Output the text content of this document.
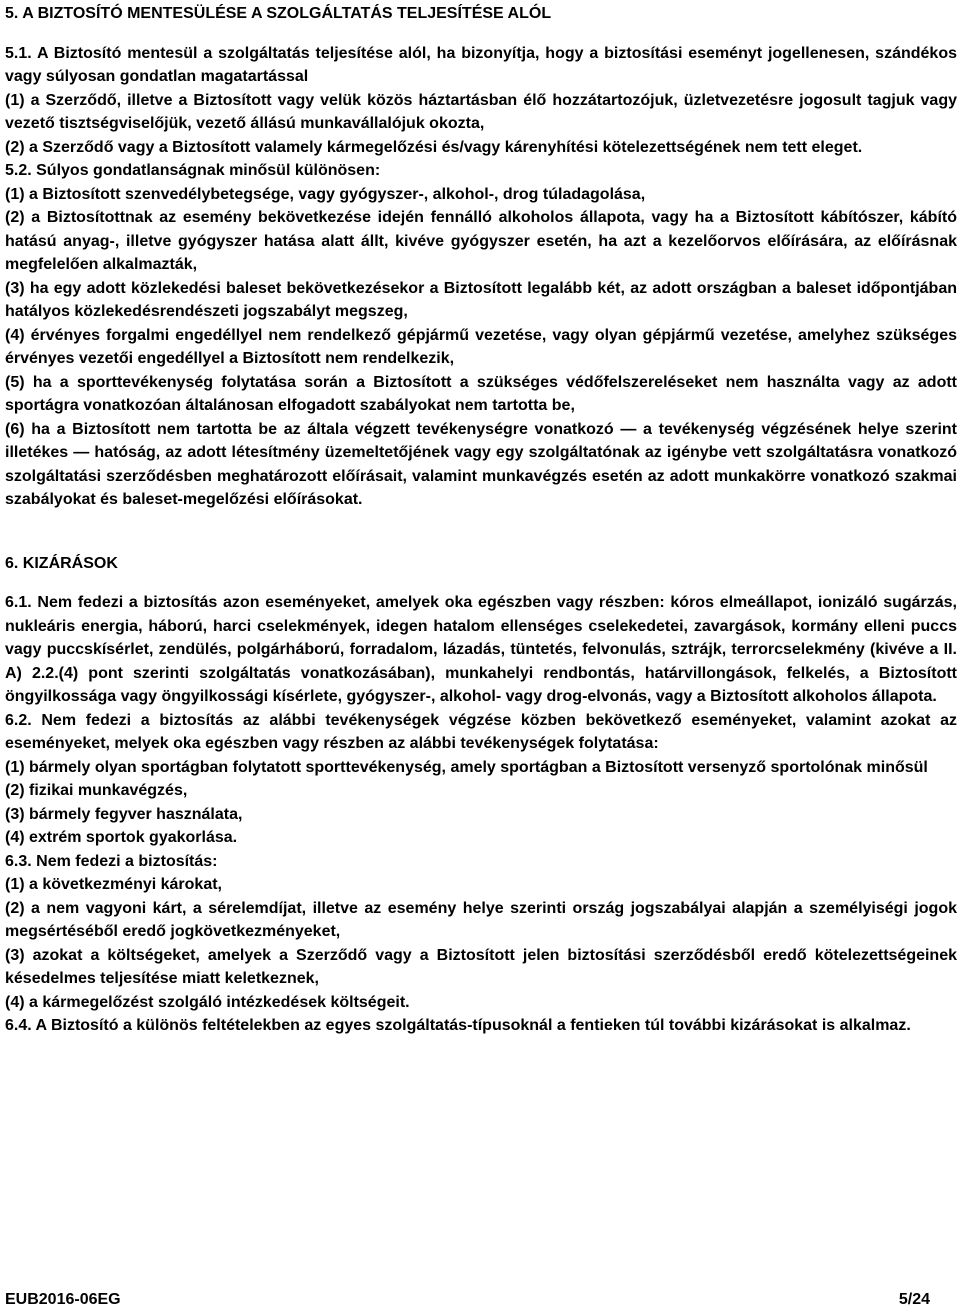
5. A BIZTOSÍTÓ MENTESÜLÉSE A SZOLGÁLTATÁS TELJESÍTÉSE ALÓL

5.1. A Biztosító mentesül a szolgáltatás teljesítése alól, ha bizonyítja, hogy a biztosítási eseményt jogellenesen, szándékos vagy súlyosan gondatlan magatartással

(1) a Szerződő, illetve a Biztosított vagy velük közös háztartásban élő hozzátartozójuk, üzletvezetésre jogosult tagjuk vagy vezető tisztségviselőjük, vezető állású munkavállalójuk okozta,

(2) a Szerződő vagy a Biztosított valamely kármegelőzési és/vagy kárenyhítési kötelezettségének nem tett eleget.

5.2. Súlyos gondatlanságnak minősül különösen:

(1) a Biztosított szenvedélybetegsége, vagy gyógyszer-, alkohol-, drog túladagolása,

(2) a Biztosítottnak az esemény bekövetkezése idején fennálló alkoholos állapota, vagy ha a Biztosított kábítószer, kábító hatású anyag-, illetve gyógyszer hatása alatt állt, kivéve gyógyszer esetén, ha azt a kezelőorvos előírására, az előírásnak megfelelően alkalmazták,

(3) ha egy adott közlekedési baleset bekövetkezésekor a Biztosított legalább két, az adott országban a baleset időpontjában hatályos közlekedésrendészeti jogszabályt megszeg,

(4) érvényes forgalmi engedéllyel nem rendelkező gépjármű vezetése, vagy olyan gépjármű vezetése, amelyhez szükséges érvényes vezetői engedéllyel a Biztosított nem rendelkezik,

(5) ha a sporttevékenység folytatása során a Biztosított a szükséges védőfelszereléseket nem használta vagy az adott sportágra vonatkozóan általánosan elfogadott szabályokat nem tartotta be,

(6) ha a Biztosított nem tartotta be az általa végzett tevékenységre vonatkozó — a tevékenység végzésének helye szerint illetékes — hatóság, az adott létesítmény üzemeltetőjének vagy egy szolgáltatónak az igénybe vett szolgáltatásra vonatkozó szolgáltatási szerződésben meghatározott előírásait, valamint munkavégzés esetén az adott munkakörre vonatkozó szakmai szabályokat és baleset-megelőzési előírásokat.

6. KIZÁRÁSOK

6.1. Nem fedezi a biztosítás azon eseményeket, amelyek oka egészben vagy részben: kóros elmeállapot, ionizáló sugárzás, nukleáris energia, háború, harci cselekmények, idegen hatalom ellenséges cselekedetei, zavargások, kormány elleni puccs vagy puccskísérlet, zendülés, polgárháború, forradalom, lázadás, tüntetés, felvonulás, sztrájk, terrorcselekmény (kivéve a II. A) 2.2.(4) pont szerinti szolgáltatás vonatkozásában), munkahelyi rendbontás, határvillongások, felkelés, a Biztosított öngyilkossága vagy öngyilkossági kísérlete, gyógyszer-, alkohol- vagy drog-elvonás, vagy a Biztosított alkoholos állapota.

6.2. Nem fedezi a biztosítás az alábbi tevékenységek végzése közben bekövetkező eseményeket, valamint azokat az eseményeket, melyek oka egészben vagy részben az alábbi tevékenységek folytatása:

(1) bármely olyan sportágban folytatott sporttevékenység, amely sportágban a Biztosított versenyző sportolónak minősül

(2) fizikai munkavégzés,

(3) bármely fegyver használata,

(4) extrém sportok gyakorlása.

6.3. Nem fedezi a biztosítás:

(1) a következményi károkat,

(2) a nem vagyoni kárt, a sérelemdíjat, illetve az esemény helye szerinti ország jogszabályai alapján a személyiségi jogok megsértéséből eredő jogkövetkezményeket,

(3) azokat a költségeket, amelyek a Szerződő vagy a Biztosított jelen biztosítási szerződésből eredő kötelezettségeinek késedelmes teljesítése miatt keletkeznek,

(4) a kármegelőzést szolgáló intézkedések költségeit.

6.4. A Biztosító a különös feltételekben az egyes szolgáltatás-típusoknál a fentieken túl további kizárásokat is alkalmaz.

EUB2016-06EG	5/24
